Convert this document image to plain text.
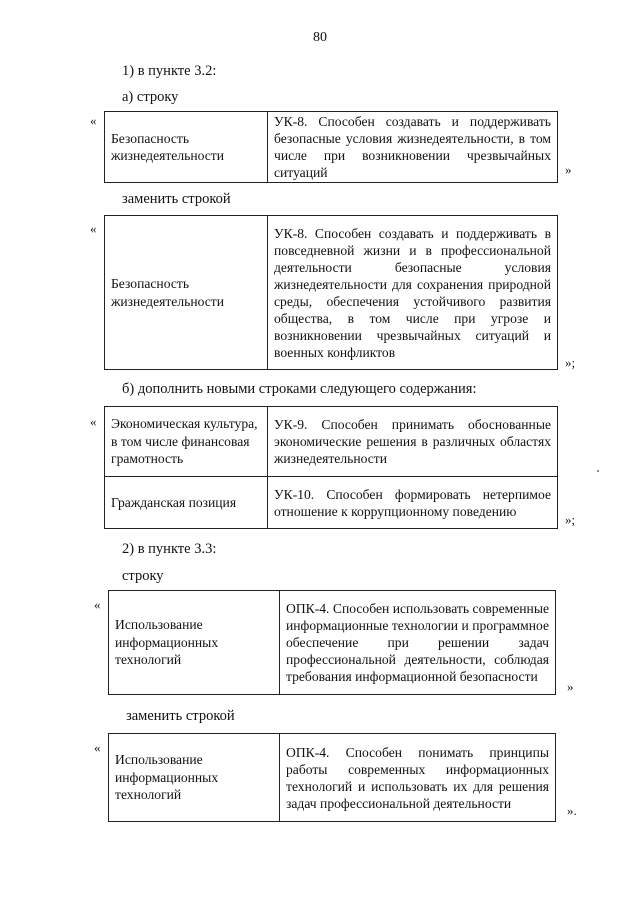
80
1) в пункте 3.2:
а) строку
«
Безопасность жизнедеятельности	УК-8. Способен создавать и поддерживать безопасные условия жизнедеятельности, в том числе при возникновении чрезвычайных ситуаций	»
заменить строкой
«
Безопасность жизнедеятельности	УК-8. Способен создавать и поддерживать в повседневной жизни и в профессиональной деятельности безопасные условия жизнедеятельности для сохранения природной среды, обеспечения устойчивого развития общества, в том числе при угрозе и возникновении чрезвычайных ситуаций и военных конфликтов
»;
б) дополнить новыми строками следующего содержания:
« Экономическая культура, в том числе финансовая грамотность	УК-9. Способен принимать обоснованные экономические решения в различных областях жизнедеятельности
Гражданская позиция	УК-10. Способен формировать нетерпимое отношение к коррупционному поведению
»;
2) в пункте 3.3:
строку
«
Использование информационных технологий	ОПК-4. Способен использовать современные информационные технологии и программное обеспечение при решении задач профессиональной деятельности, соблюдая требования информационной безопасности
»
заменить строкой
«
Использование информационных технологий	ОПК-4. Способен понимать принципы работы современных информационных технологий и использовать их для решения задач профессиональной деятельности	».
